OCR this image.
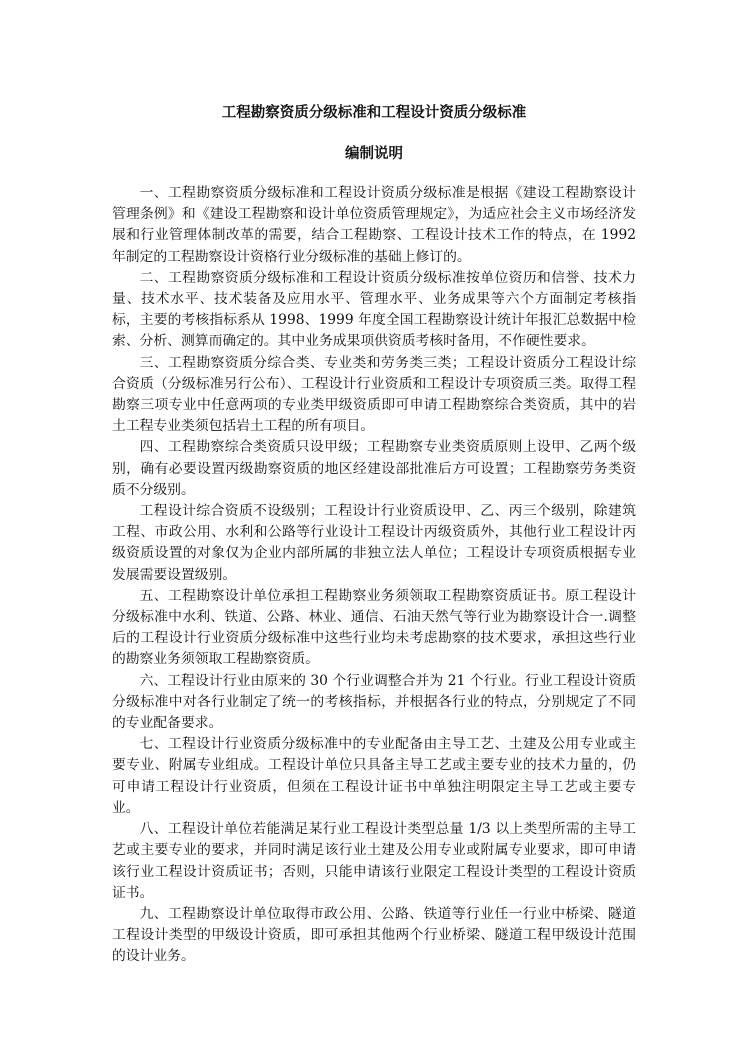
工程勘察资质分级标准和工程设计资质分级标准
编制说明

一、工程勘察资质分级标准和工程设计资质分级标准是根据《建设工程勘察设计管理条例》和《建设工程勘察和设计单位资质管理规定》，为适应社会主义市场经济发展和行业管理体制改革的需要，结合工程勘察、工程设计技术工作的特点，在 1992 年制定的工程勘察设计资格行业分级标准的基础上修订的。

二、工程勘察资质分级标准和工程设计资质分级标准按单位资历和信誉、技术力量、技术水平、技术装备及应用水平、管理水平、业务成果等六个方面制定考核指标，主要的考核指标系从 1998、1999 年度全国工程勘察设计统计年报汇总数据中检索、分析、测算而确定的。其中业务成果项供资质考核时备用，不作硬性要求。

三、工程勘察资质分综合类、专业类和劳务类三类；工程设计资质分工程设计综合资质（分级标准另行公布）、工程设计行业资质和工程设计专项资质三类。取得工程勘察三项专业中任意两项的专业类甲级资质即可申请工程勘察综合类资质，其中的岩土工程专业类须包括岩土工程的所有项目。

四、工程勘察综合类资质只设甲级；工程勘察专业类资质原则上设甲、乙两个级别，确有必要设置丙级勘察资质的地区经建设部批准后方可设置；工程勘察劳务类资质不分级别。

工程设计综合资质不设级别；工程设计行业资质设甲、乙、丙三个级别，除建筑工程、市政公用、水利和公路等行业设计工程设计丙级资质外，其他行业工程设计丙级资质设置的对象仅为企业内部所属的非独立法人单位；工程设计专项资质根据专业发展需要设置级别。

五、工程勘察设计单位承担工程勘察业务须领取工程勘察资质证书。原工程设计分级标准中水利、铁道、公路、林业、通信、石油天然气等行业为勘察设计合一.调整后的工程设计行业资质分级标准中这些行业均未考虑勘察的技术要求，承担这些行业的勘察业务须领取工程勘察资质。

六、工程设计行业由原来的 30 个行业调整合并为 21 个行业。行业工程设计资质分级标准中对各行业制定了统一的考核指标，并根据各行业的特点，分别规定了不同的专业配备要求。

七、工程设计行业资质分级标准中的专业配备由主导工艺、土建及公用专业或主要专业、附属专业组成。工程设计单位只具备主导工艺或主要专业的技术力量的，仍可申请工程设计行业资质，但须在工程设计证书中单独注明限定主导工艺或主要专业。

八、工程设计单位若能满足某行业工程设计类型总量 1/3 以上类型所需的主导工艺或主要专业的要求，并同时满足该行业土建及公用专业或附属专业要求，即可申请该行业工程设计资质证书；否则，只能申请该行业限定工程设计类型的工程设计资质证书。

九、工程勘察设计单位取得市政公用、公路、铁道等行业任一行业中桥梁、隧道工程设计类型的甲级设计资质，即可承担其他两个行业桥梁、隧道工程甲级设计范围的设计业务。
